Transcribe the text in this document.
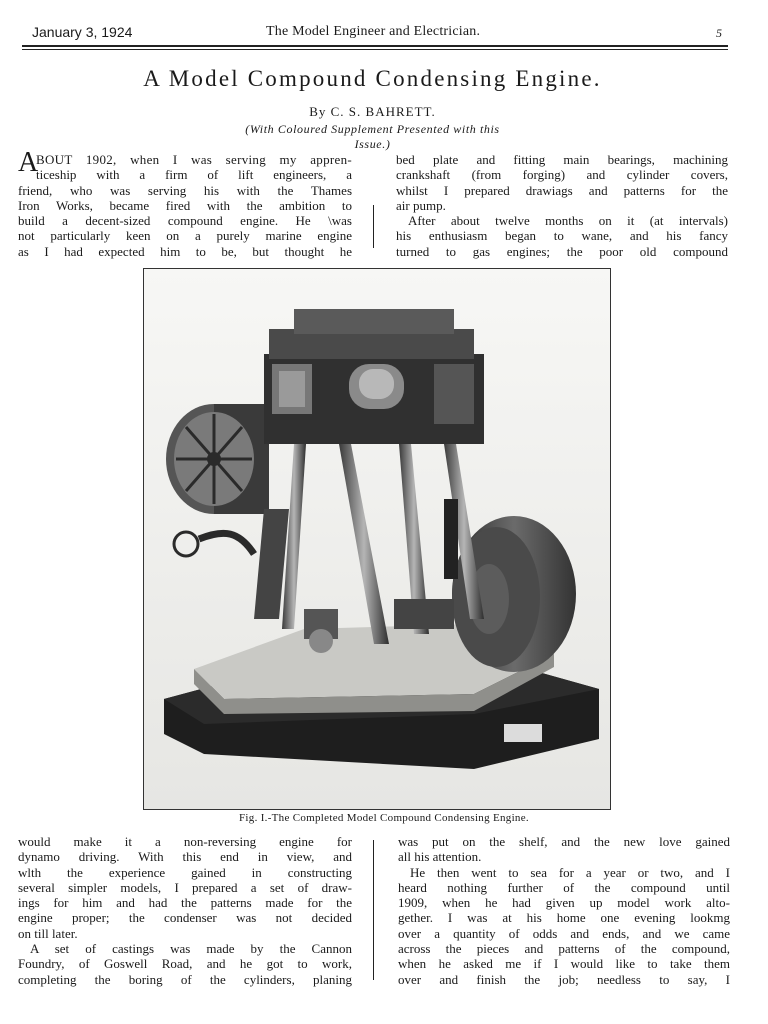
January 3, 1924	The Model Engineer and Electrician.	5
A Model Compound Condensing Engine.
By C. S. BAHRETT.
(With Coloured Supplement Presented with this
Issue.)
A
BOUT 1902, when I was serving my appren-
ticeship with a firm of lift engineers, a
friend, who was serving his with the Thames
Iron Works, became fired with the ambition to
build a decent-sized compound engine. He \was
not particularly keen on a purely marine engine
as I had expected him to be, but thought he
bed plate and fitting main bearings, machining
crankshaft (from forging) and cylinder covers,
whilst I prepared drawiags and patterns for the
air pump.
After about twelve months on it (at intervals)
his enthusiasm began to wane, and his fancy
turned to gas engines; the poor old compound
Fig. I.-The Completed Model Compound Condensing Engine.
would make it a non-reversing engine for
dynamo driving. With this end in view, and
wlth the experience gained in constructing
several simpler models, I prepared a set of draw-
ings for him and had the patterns made for the
engine proper; the condenser was not decided
on till later.
A set of castings was made by the Cannon
Foundry, of Goswell Road, and he got to work,
completing the boring of the cylinders, planing
was put on the shelf, and the new love gained
all his attention.
He then went to sea for a year or two, and I
heard nothing further of the compound until
1909, when he had given up model work alto-
gether. I was at his home one evening lookmg
over a quantity of odds and ends, and we came
across the pieces and patterns of the compound,
when he asked me if I would like to take them
over and finish the job; needless to say, I
